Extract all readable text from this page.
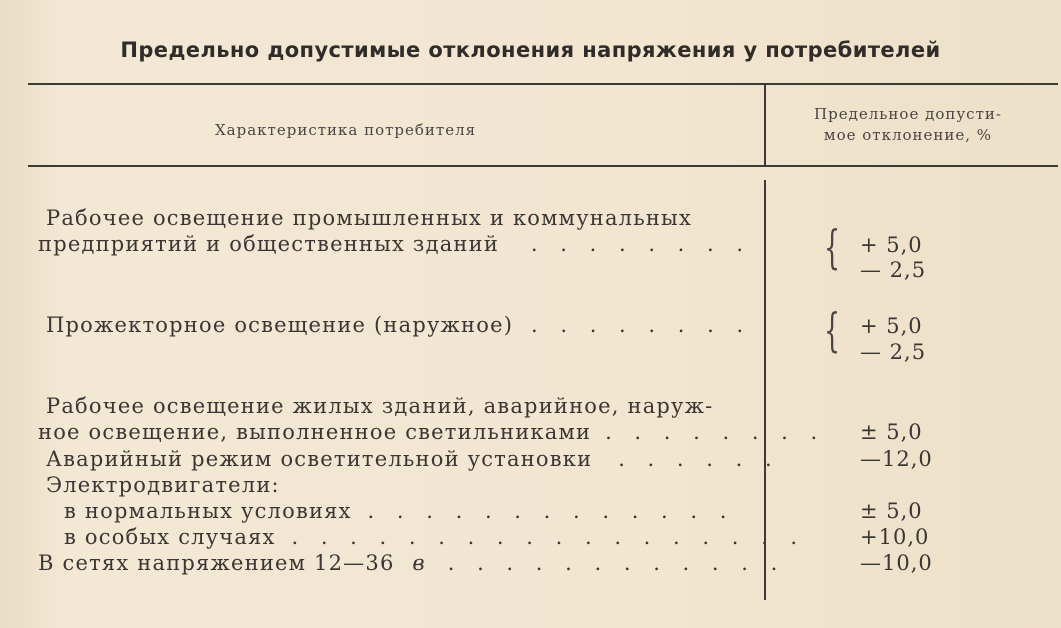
Предельно допустимые отклонения напряжения у потребителей
Характеристика потребителя
Предельное допусти-
мое отклонение, %
Рабочее освещение промышленных и коммунальных
предприятий и общественных зданий . . . . . . . . { + 5,0
— 2,5
Прожекторное освещение (наружное) . . . . . . . . { + 5,0
— 2,5
Рабочее освещение жилых зданий, аварийное, наруж-
ное освещение, выполненное светильниками . . . . . . . . ± 5,0
Аварийный режим осветительной установки . . . . . .	—12,0
Электродвигатели:
в нормальных условиях . . . . . . . . . . . . .	± 5,0
в особых случаях . . . . . . . . . . . . . . . . . .	+10,0
В сетях напряжением 12—36 в . . . . . . . . . . . .	—10,0
